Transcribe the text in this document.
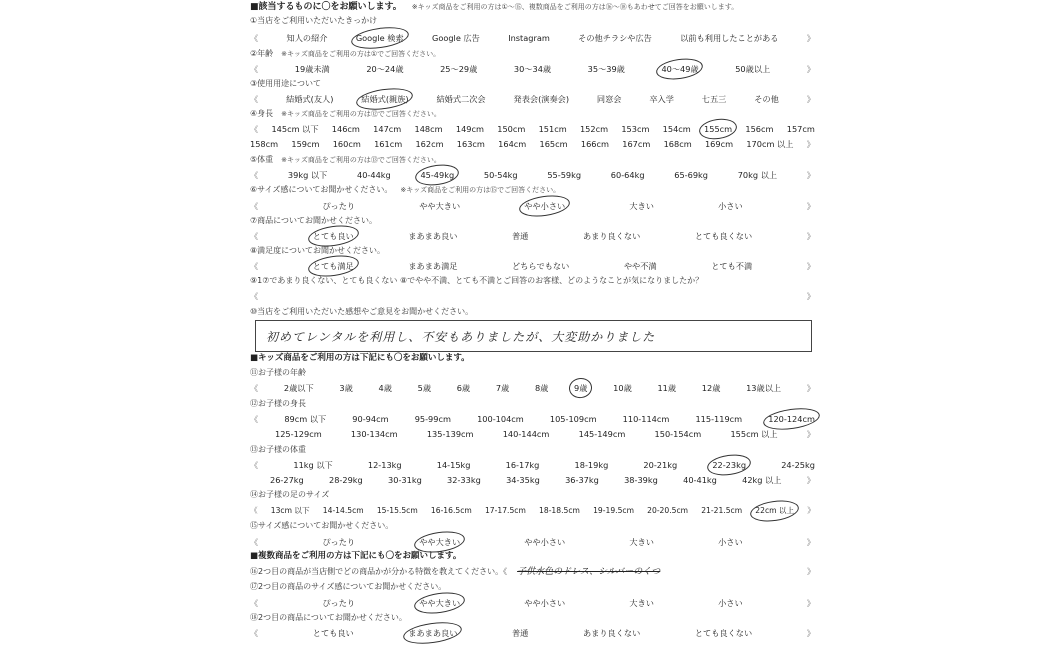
■該当するものに〇をお願いします。 ※キッズ商品をご利用の方は①〜⑮、複数商品をご利用の方は⑯〜⑱もあわせてご回答をお願いします。
①当店をご利用いただいたきっかけ
《	知人の紹介	Google 検索	Google 広告	Instagram	その他チラシや広告	以前も利用したことがある	》
②年齢 ※キッズ商品をご利用の方は①でご回答ください。
《	19歳未満	20〜24歳	25〜29歳	30〜34歳	35〜39歳	40〜49歳	50歳以上	》
③使用用途について
《	結婚式(友人)	結婚式(親族)	結婚式二次会	発表会(演奏会)	同窓会	卒入学	七五三	その他	》
④身長 ※キッズ商品をご利用の方は⑫でご回答ください。
《 145cm 以下 146cm 147cm 148cm 149cm 150cm 151cm 152cm 153cm 154cm 155cm 156cm 157cm
158cm 159cm 160cm 161cm 162cm 163cm 164cm 165cm 166cm 167cm 168cm 169cm 170cm 以上 》
⑤体重 ※キッズ商品をご利用の方は⑬でご回答ください。
《	39kg 以下	40-44kg	45-49kg	50-54kg	55-59kg	60-64kg	65-69kg	70kg 以上	》
⑥サイズ感についてお聞かせください。 ※キッズ商品をご利用の方は⑮でご回答ください。
《	ぴったり	やや大きい	やや小さい	大きい	小さい	》
⑦商品についてお聞かせください。
《	とても良い	まあまあ良い	普通	あまり良くない	とても良くない	》
⑧満足度についてお聞かせください。
《	とても満足	まあまあ満足	どちらでもない	やや不満	とても不満	》
⑨1⑦であまり良くない、とても良くない ⑧でやや不満、とても不満とご回答のお客様、どのようなことが気になりましたか？
《	》
⑩当店をご利用いただいた感想やご意見をお聞かせください。
初めてレンタルを利用し、不安もありましたが、大変助かりました
■キッズ商品をご利用の方は下記にも〇をお願いします。
⑪お子様の年齢
《	2歳以下	3歳	4歳	5歳	6歳	7歳	8歳	9歳	10歳	11歳	12歳	13歳以上	》
⑫お子様の身長
《	89cm 以下	90-94cm	95-99cm	100-104cm	105-109cm	110-114cm	115-119cm	120-124cm
125-129cm	130-134cm	135-139cm	140-144cm	145-149cm	150-154cm	155cm 以上	》
⑬お子様の体重
《	11kg 以下	12-13kg	14-15kg	16-17kg	18-19kg	20-21kg	22-23kg	24-25kg
26-27kg	28-29kg	30-31kg	32-33kg	34-35kg	36-37kg	38-39kg	40-41kg	42kg 以上	》
⑭お子様の足のサイズ
《 13cm 以下 14-14.5cm 15-15.5cm 16-16.5cm 17-17.5cm 18-18.5cm 19-19.5cm 20-20.5cm 21-21.5cm 22cm 以上 》
⑮サイズ感についてお聞かせください。
《	ぴったり	やや大きい	やや小さい	大きい	小さい	》
■複数商品をご利用の方は下記にも〇をお願いします。
⑯2つ目の商品が当店側でどの商品かが分かる特徴を教えてください。《 子供水色のドレス、シルバーのくつ	》
⑰2つ目の商品のサイズ感についてお聞かせください。
《	ぴったり	やや大きい	やや小さい	大きい	小さい	》
⑱2つ目の商品についてお聞かせください。
《	とても良い	まあまあ良い	普通	あまり良くない	とても良くない	》
